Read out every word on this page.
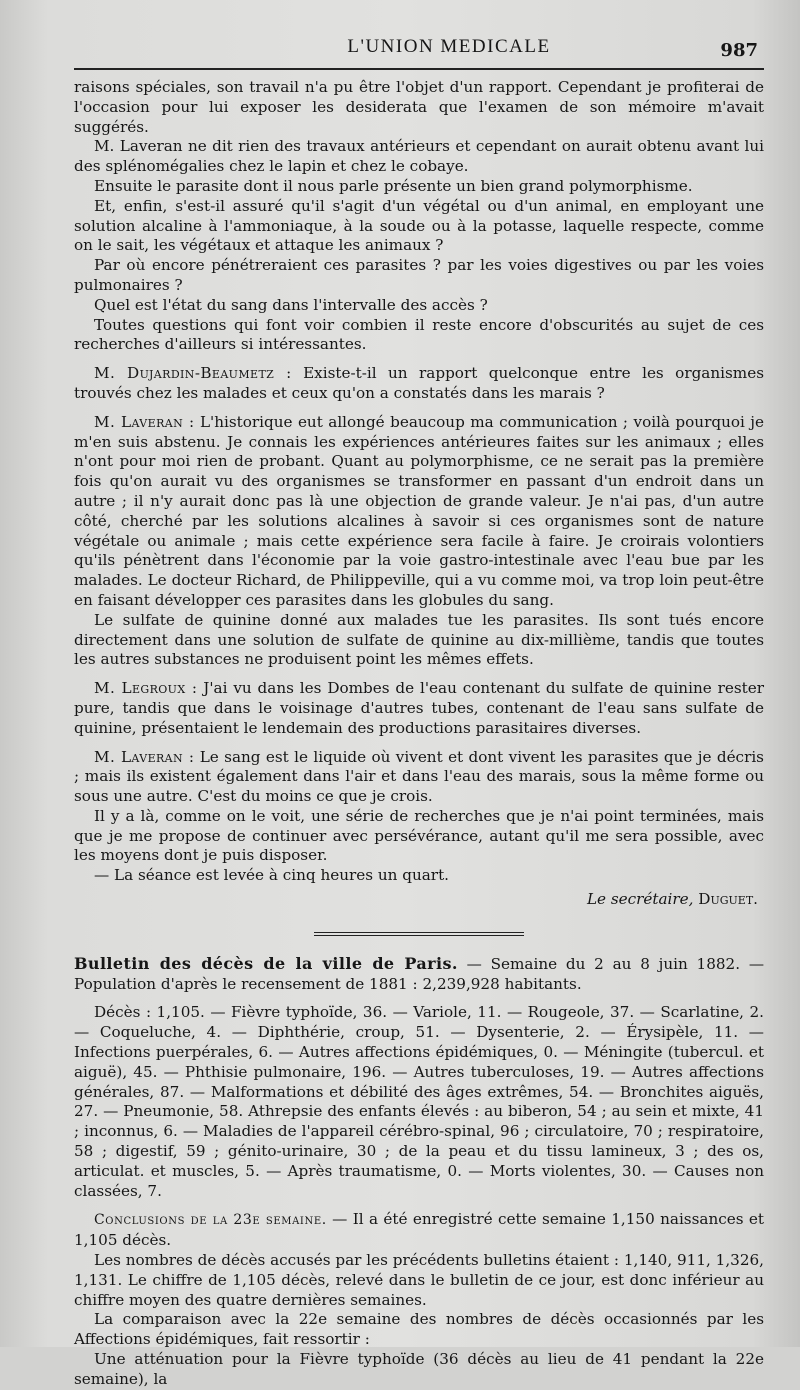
L'UNION MEDICALE	987

raisons spéciales, son travail n'a pu être l'objet d'un rapport. Cependant je profiterai de l'occasion pour lui exposer les desiderata que l'examen de son mémoire m'avait suggérés.

M. Laveran ne dit rien des travaux antérieurs et cependant on aurait obtenu avant lui des splénomégalies chez le lapin et chez le cobaye.

Ensuite le parasite dont il nous parle présente un bien grand polymorphisme.

Et, enfin, s'est-il assuré qu'il s'agit d'un végétal ou d'un animal, en employant une solution alcaline à l'ammoniaque, à la soude ou à la potasse, laquelle respecte, comme on le sait, les végétaux et attaque les animaux ?

Par où encore pénétreraient ces parasites ? par les voies digestives ou par les voies pulmonaires ?

Quel est l'état du sang dans l'intervalle des accès ?

Toutes questions qui font voir combien il reste encore d'obscurités au sujet de ces recherches d'ailleurs si intéressantes.

M. Dujardin-Beaumetz : Existe-t-il un rapport quelconque entre les organismes trouvés chez les malades et ceux qu'on a constatés dans les marais ?

M. Laveran : L'historique eut allongé beaucoup ma communication ; voilà pourquoi je m'en suis abstenu. Je connais les expériences antérieures faites sur les animaux ; elles n'ont pour moi rien de probant. Quant au polymorphisme, ce ne serait pas la première fois qu'on aurait vu des organismes se transformer en passant d'un endroit dans un autre ; il n'y aurait donc pas là une objection de grande valeur. Je n'ai pas, d'un autre côté, cherché par les solutions alcalines à savoir si ces organismes sont de nature végétale ou animale ; mais cette expérience sera facile à faire. Je croirais volontiers qu'ils pénètrent dans l'économie par la voie gastro-intestinale avec l'eau bue par les malades. Le docteur Richard, de Philippeville, qui a vu comme moi, va trop loin peut-être en faisant développer ces parasites dans les globules du sang.

Le sulfate de quinine donné aux malades tue les parasites. Ils sont tués encore directement dans une solution de sulfate de quinine au dix-millième, tandis que toutes les autres substances ne produisent point les mêmes effets.

M. Legroux : J'ai vu dans les Dombes de l'eau contenant du sulfate de quinine rester pure, tandis que dans le voisinage d'autres tubes, contenant de l'eau sans sulfate de quinine, présentaient le lendemain des productions parasitaires diverses.

M. Laveran : Le sang est le liquide où vivent et dont vivent les parasites que je décris ; mais ils existent également dans l'air et dans l'eau des marais, sous la même forme ou sous une autre. C'est du moins ce que je crois.

Il y a là, comme on le voit, une série de recherches que je n'ai point terminées, mais que je me propose de continuer avec persévérance, autant qu'il me sera possible, avec les moyens dont je puis disposer.

— La séance est levée à cinq heures un quart.

Le secrétaire, Duguet.

Bulletin des décès de la ville de Paris. — Semaine du 2 au 8 juin 1882. — Population d'après le recensement de 1881 : 2,239,928 habitants.

Décès : 1,105. — Fièvre typhoïde, 36. — Variole, 11. — Rougeole, 37. — Scarlatine, 2. — Coqueluche, 4. — Diphthérie, croup, 51. — Dysenterie, 2. — Érysipèle, 11. — Infections puerpérales, 6. — Autres affections épidémiques, 0. — Méningite (tubercul. et aiguë), 45. — Phthisie pulmonaire, 196. — Autres tuberculoses, 19. — Autres affections générales, 87. — Malformations et débilité des âges extrêmes, 54. — Bronchites aiguës, 27. — Pneumonie, 58. Athrepsie des enfants élevés : au biberon, 54 ; au sein et mixte, 41 ; inconnus, 6. — Maladies de l'appareil cérébro-spinal, 96 ; circulatoire, 70 ; respiratoire, 58 ; digestif, 59 ; génito-urinaire, 30 ; de la peau et du tissu lamineux, 3 ; des os, articulat. et muscles, 5. — Après traumatisme, 0. — Morts violentes, 30. — Causes non classées, 7.

Conclusions de la 23e semaine. — Il a été enregistré cette semaine 1,150 naissances et 1,105 décès.

Les nombres de décès accusés par les précédents bulletins étaient : 1,140, 911, 1,326, 1,131. Le chiffre de 1,105 décès, relevé dans le bulletin de ce jour, est donc inférieur au chiffre moyen des quatre dernières semaines.

La comparaison avec la 22e semaine des nombres de décès occasionnés par les Affections épidémiques, fait ressortir :

Une atténuation pour la Fièvre typhoïde (36 décès au lieu de 41 pendant la 22e semaine), la
